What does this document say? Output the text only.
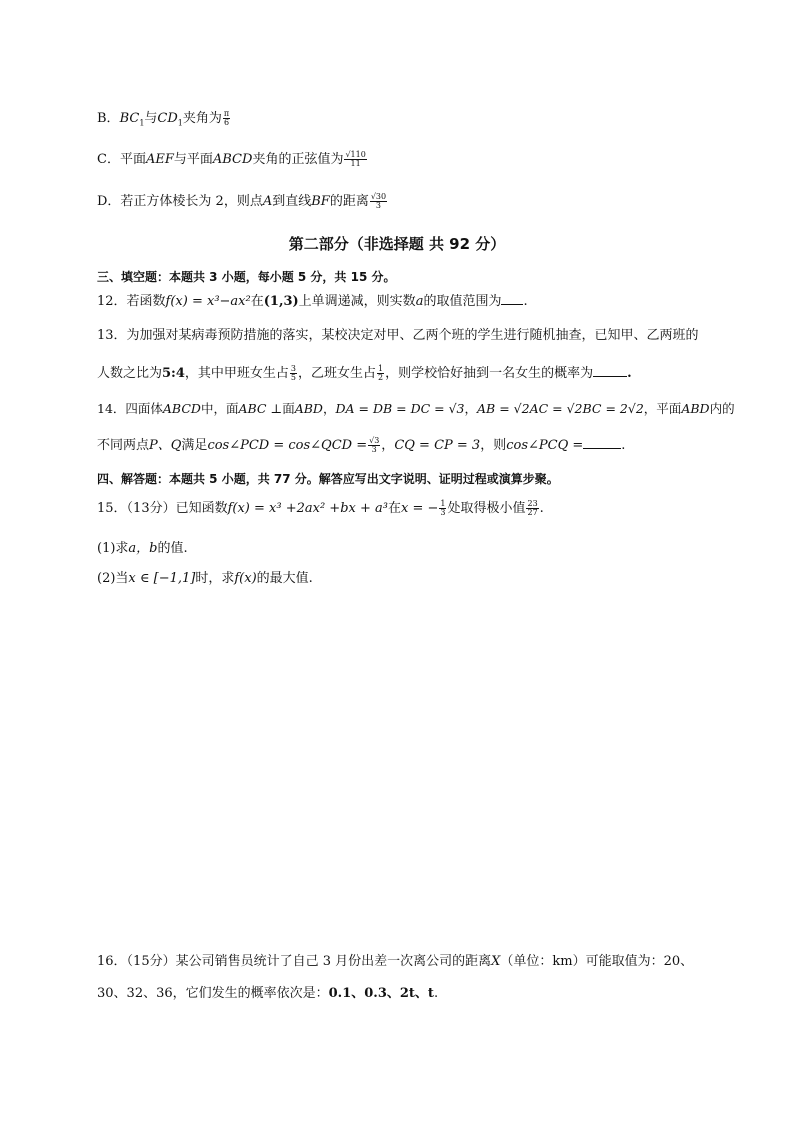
B．$BC_1$与$CD_1$夹角为 $\frac{\pi}{6}$
C．平面AEF与平面ABCD夹角的正弦值为 $\frac{√110}{11}$
D．若正方体棱长为 2，则点A到直线BF的距离 $\frac{√30}{3}$
第二部分（非选择题 共 92 分）
三、填空题：本题共 3 小题，每小题 5 分，共 15 分。
12．若函数f(x) = x³−ax²在(1,3)上单调递减，则实数a的取值范围为 .
13．为加强对某病毒预防措施的落实，某校决定对甲、乙两个班的学生进行随机抽查，已知甲、乙两班的
人数之比为5:4，其中甲班女生占 $\frac{3}{5}$ ，乙班女生占 $\frac{1}{2}$ ，则学校恰好抽到一名女生的概率为	.
14．四面体ABCD中，面ABC ⊥面ABD，DA = DB = DC = √3，AB = √2AC = √2BC = 2√2，平面ABD内的
不同两点P、Q满足cos∠PCD = cos∠QCD = $\frac{√3}{3}$ ，CQ = CP = 3，则cos∠PCQ =	.
四、解答题：本题共 5 小题，共 77 分。解答应写出文字说明、证明过程或演算步聚。
15．（13分）已知函数f(x) = x³ +2ax² +bx + a³在x = − $\frac{1}{3}$ 处取得极小值 $\frac{23}{27}$ .
(1)求a，b的值.
(2)当x ∈ [−1,1]时，求f(x)的最大值.
16．（15分）某公司销售员统计了自己 3 月份出差一次离公司的距离X（单位：km）可能取值为：20、
30、32、36，它们发生的概率依次是：0.1、0.3、2t、t.
